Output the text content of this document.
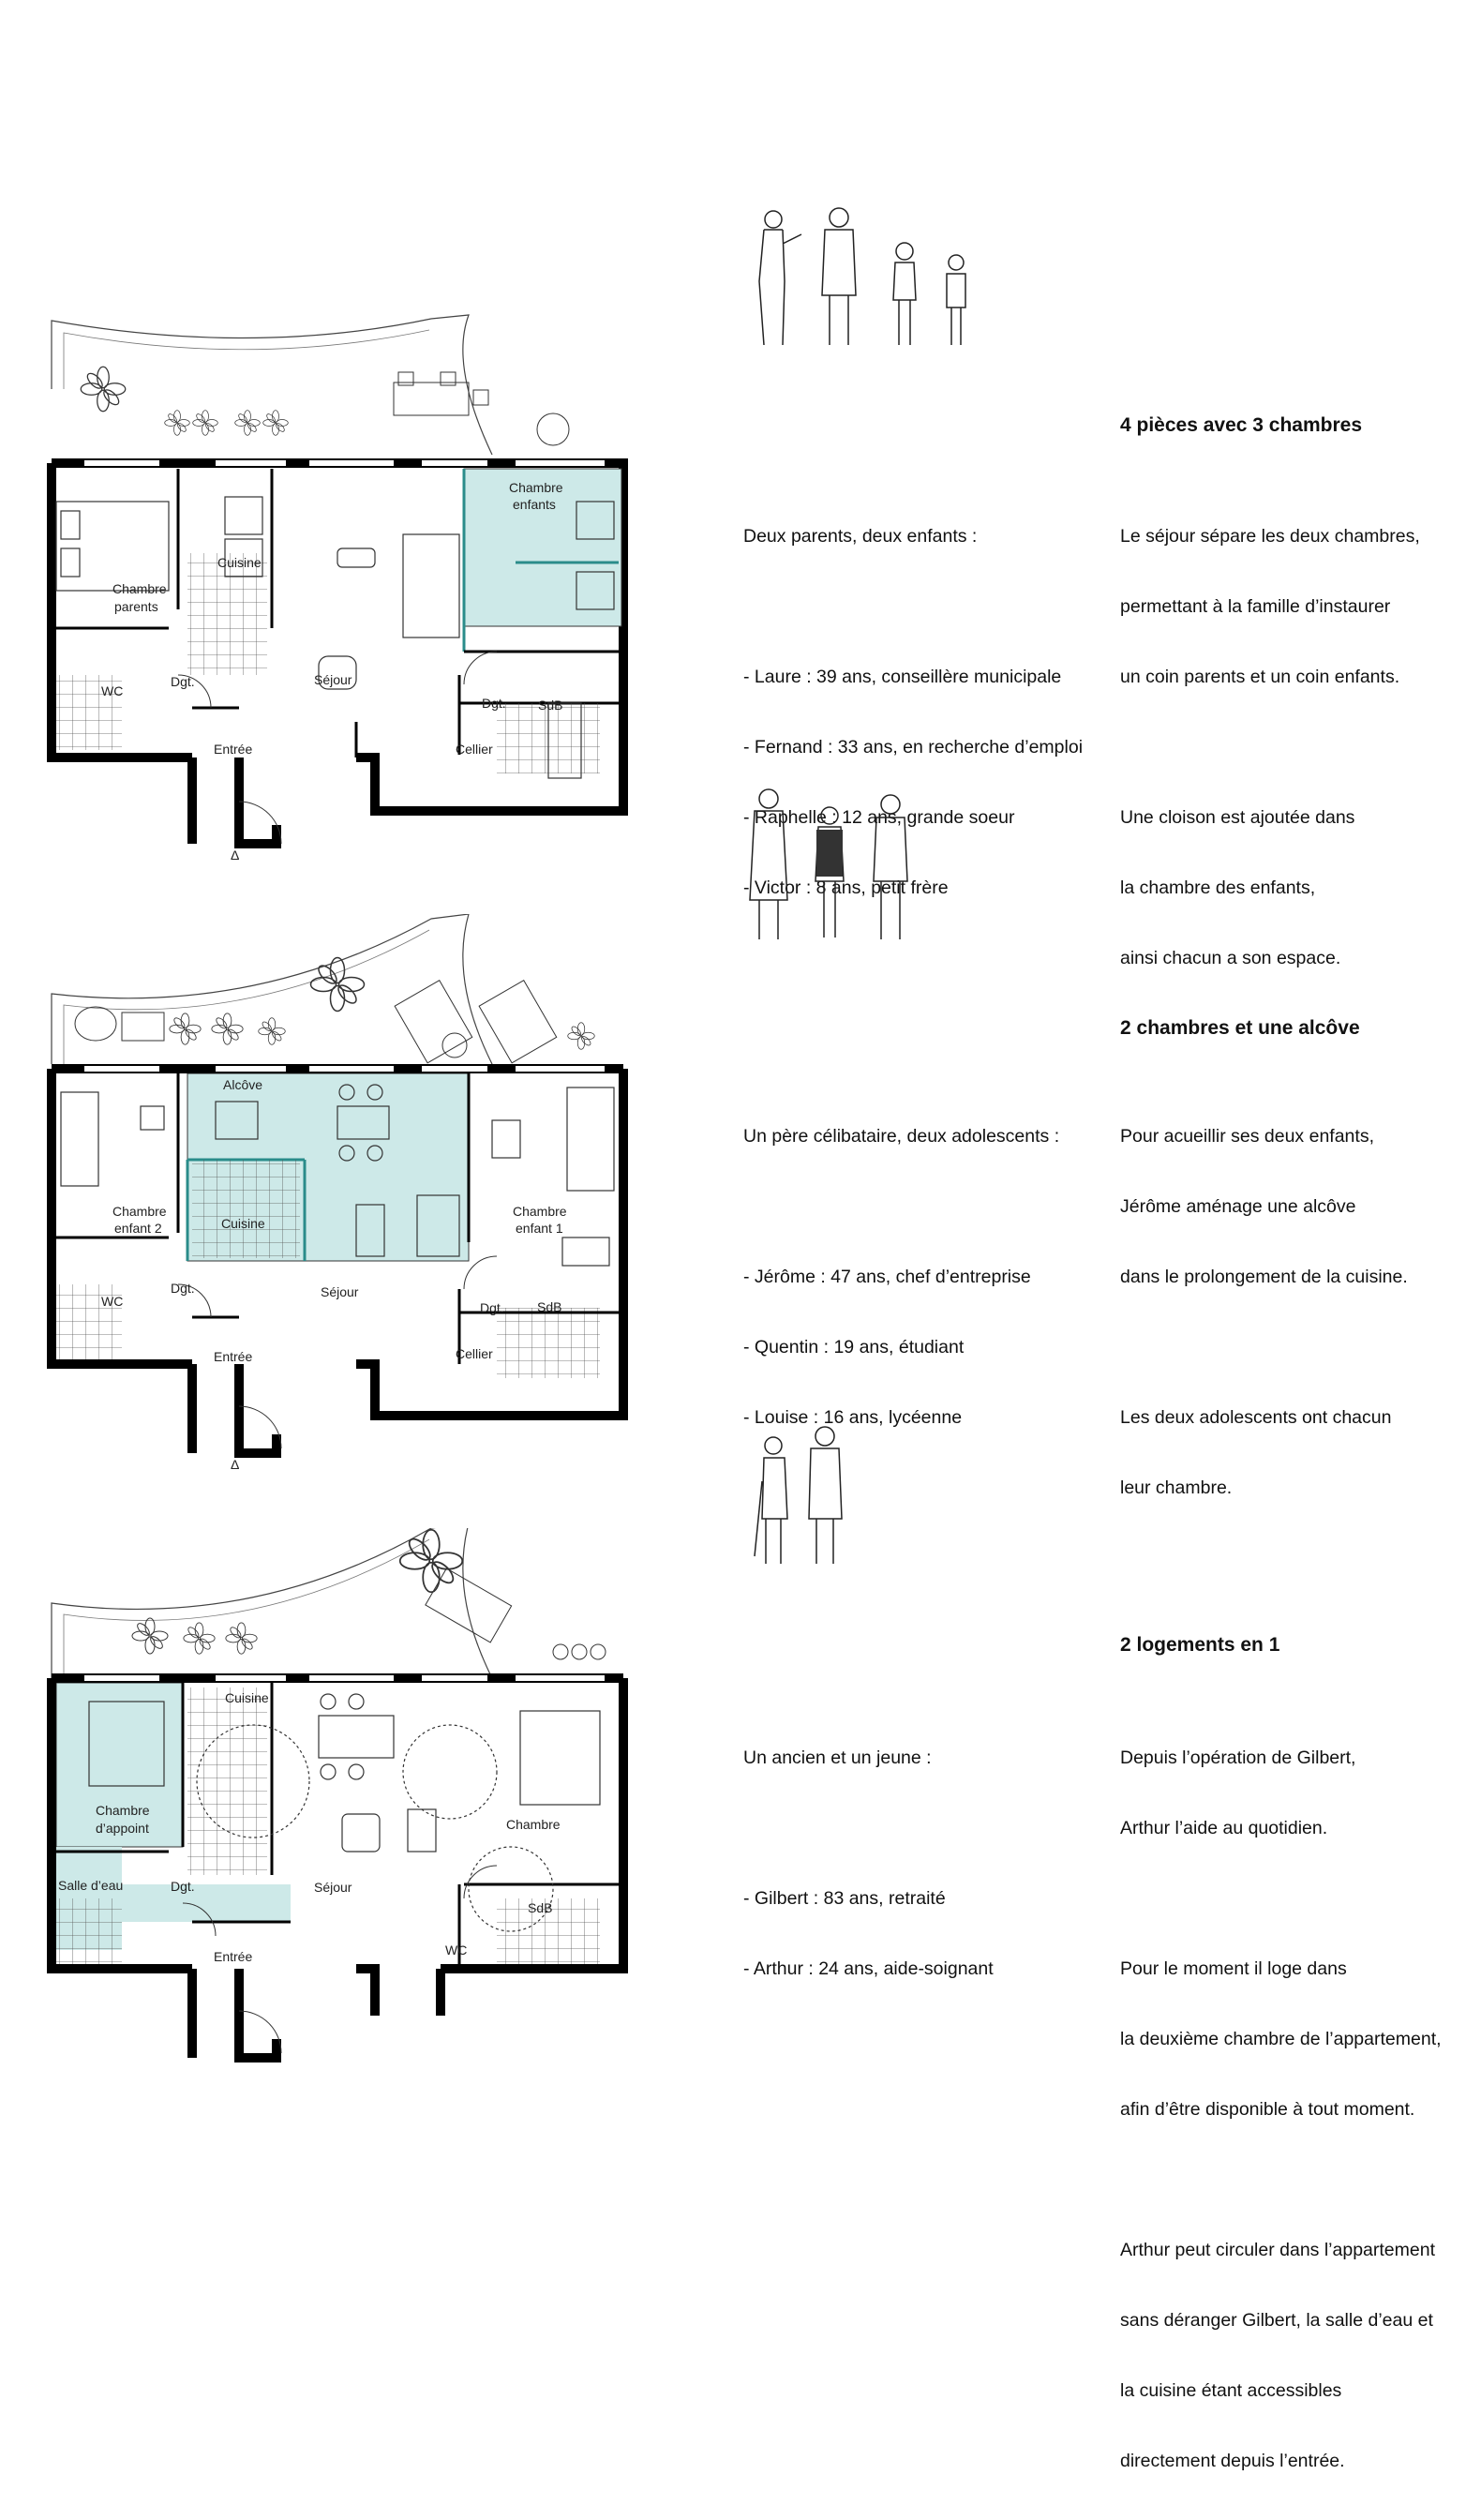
Chambre
parents
Cuisine
Chambre
enfants
WC
Dgt.	Séjour
Dgt. SdB
Entrée	Cellier
Δ
4 pièces avec 3 chambres

Deux parents, deux enfants :

- Laure : 39 ans, conseillère municipale

- Fernand : 33 ans, en recherche d’emploi

- Raphelle : 12 ans, grande soeur

- Victor : 8 ans, petit frère

Le séjour sépare les deux chambres,

permettant à la famille d’instaurer

un coin parents et un coin enfants.

Une cloison est ajoutée dans

la chambre des enfants,

ainsi chacun a son espace.

Alcôve
Chambre
enfant 2	Cuisine
Chambre
enfant 1
WC
Dgt.	Séjour
Dgt.	SdB
Entrée	Cellier
Δ
2 chambres et une alcôve

Un père célibataire, deux adolescents :

- Jérôme : 47 ans, chef d’entreprise

- Quentin : 19 ans, étudiant

- Louise : 16 ans, lycéenne

Pour acueillir ses deux enfants,

Jérôme aménage une alcôve

dans le prolongement de la cuisine.

Les deux adolescents ont chacun

leur chambre.

Cuisine
Chambre
d’appoint	Chambre
Salle d’eau	Dgt.	Séjour
SdB
Entrée	WC
2 logements en 1

Un ancien et un jeune :

- Gilbert : 83 ans, retraité

- Arthur : 24 ans, aide-soignant

Depuis l’opération de Gilbert,

Arthur l’aide au quotidien.

Pour le moment il loge dans

la deuxième chambre de l’appartement,

afin d’être disponible à tout moment.

Arthur peut circuler dans l’appartement

sans déranger Gilbert, la salle d’eau et

la cuisine étant accessibles

directement depuis l’entrée.
